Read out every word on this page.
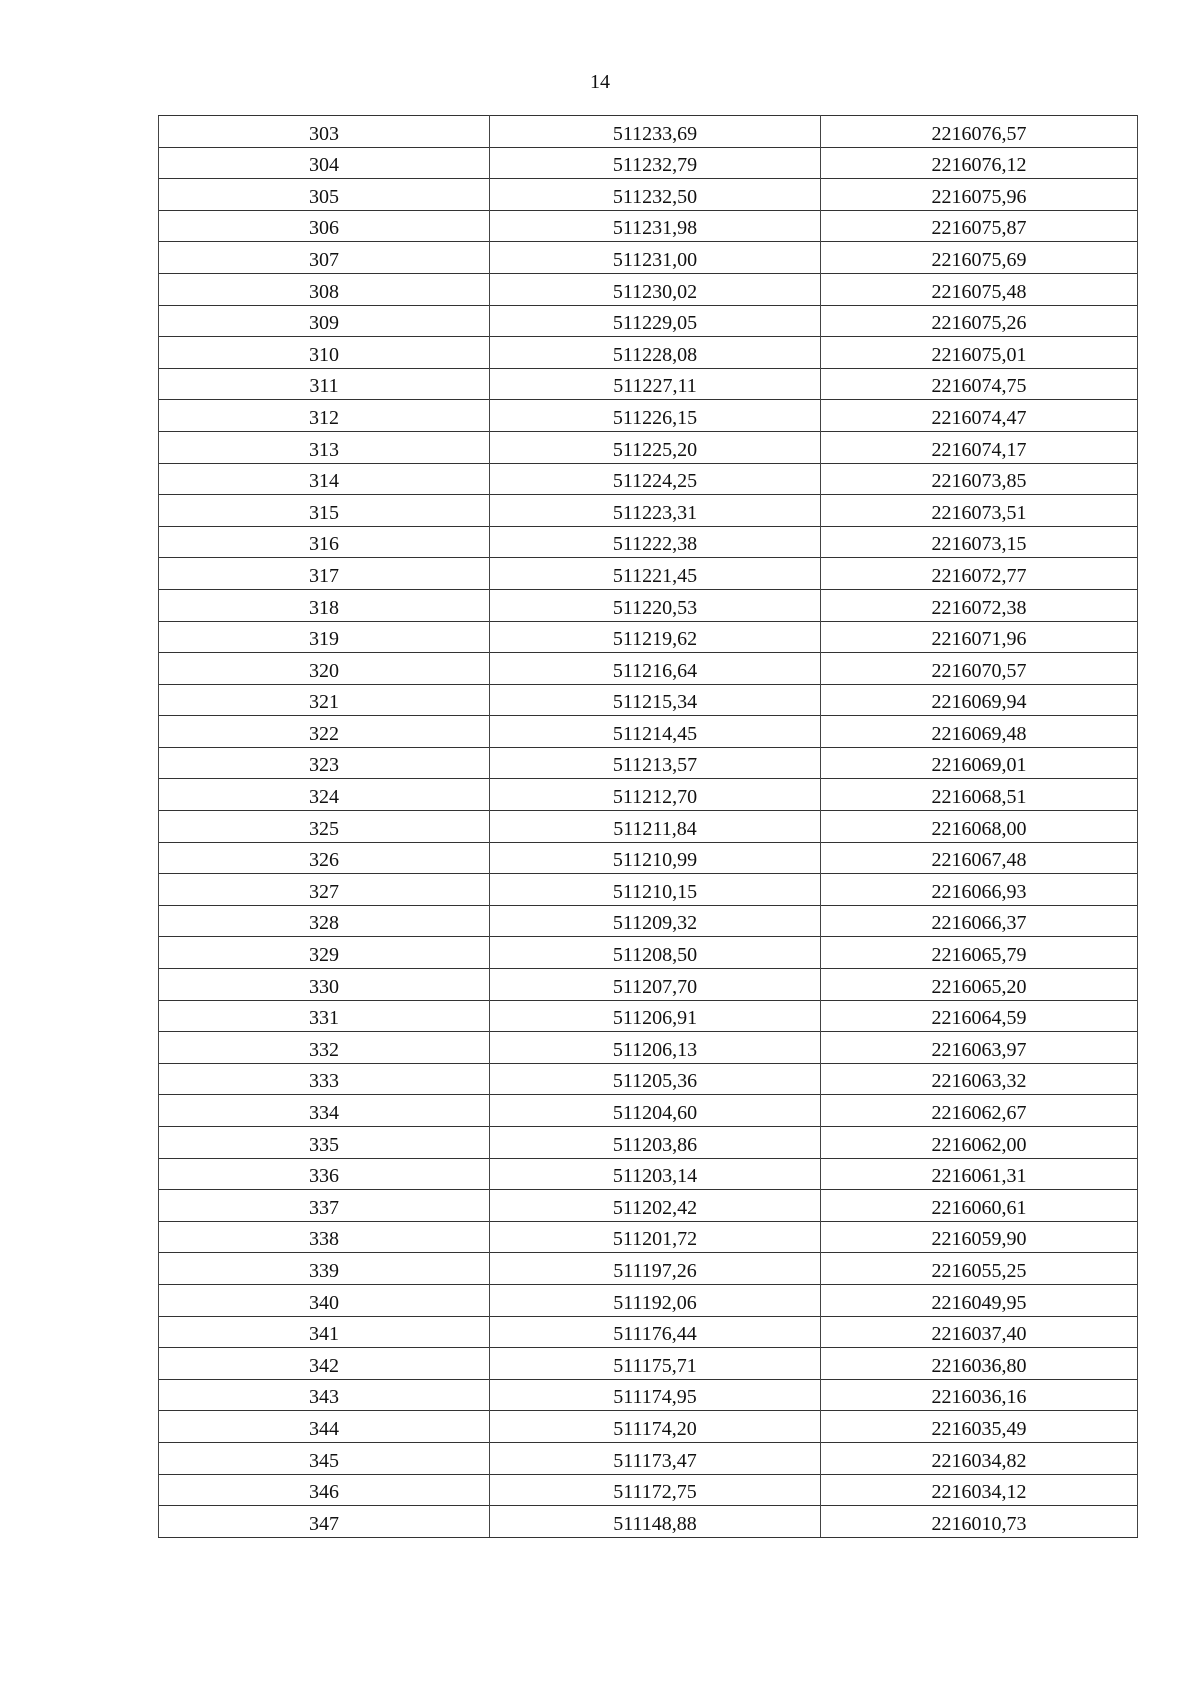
14
303	511233,69	2216076,57
304	511232,79	2216076,12
305	511232,50	2216075,96
306	511231,98	2216075,87
307	511231,00	2216075,69
308	511230,02	2216075,48
309	511229,05	2216075,26
310	511228,08	2216075,01
311	511227,11	2216074,75
312	511226,15	2216074,47
313	511225,20	2216074,17
314	511224,25	2216073,85
315	511223,31	2216073,51
316	511222,38	2216073,15
317	511221,45	2216072,77
318	511220,53	2216072,38
319	511219,62	2216071,96
320	511216,64	2216070,57
321	511215,34	2216069,94
322	511214,45	2216069,48
323	511213,57	2216069,01
324	511212,70	2216068,51
325	511211,84	2216068,00
326	511210,99	2216067,48
327	511210,15	2216066,93
328	511209,32	2216066,37
329	511208,50	2216065,79
330	511207,70	2216065,20
331	511206,91	2216064,59
332	511206,13	2216063,97
333	511205,36	2216063,32
334	511204,60	2216062,67
335	511203,86	2216062,00
336	511203,14	2216061,31
337	511202,42	2216060,61
338	511201,72	2216059,90
339	511197,26	2216055,25
340	511192,06	2216049,95
341	511176,44	2216037,40
342	511175,71	2216036,80
343	511174,95	2216036,16
344	511174,20	2216035,49
345	511173,47	2216034,82
346	511172,75	2216034,12
347	511148,88	2216010,73
